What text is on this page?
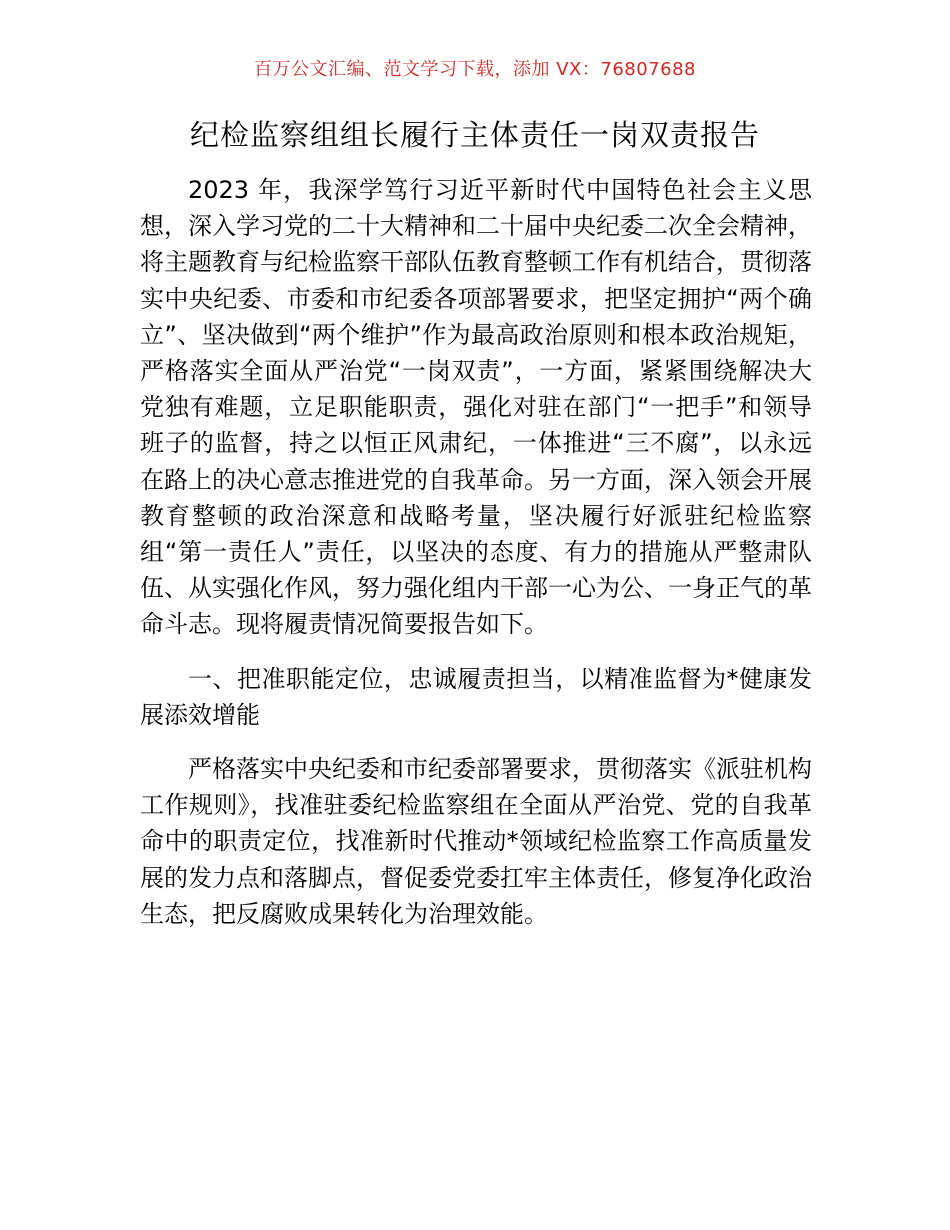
百万公文汇编、范文学习下载，添加 VX：76807688
纪检监察组组长履行主体责任一岗双责报告

2023 年，我深学笃行习近平新时代中国特色社会主义思想，深入学习党的二十大精神和二十届中央纪委二次全会精神，将主题教育与纪检监察干部队伍教育整顿工作有机结合，贯彻落实中央纪委、市委和市纪委各项部署要求，把坚定拥护“两个确立”、坚决做到“两个维护”作为最高政治原则和根本政治规矩，严格落实全面从严治党“一岗双责”，一方面，紧紧围绕解决大党独有难题，立足职能职责，强化对驻在部门“一把手”和领导班子的监督，持之以恒正风肃纪，一体推进“三不腐”，以永远在路上的决心意志推进党的自我革命。另一方面，深入领会开展教育整顿的政治深意和战略考量，坚决履行好派驻纪检监察组“第一责任人”责任，以坚决的态度、有力的措施从严整肃队伍、从实强化作风，努力强化组内干部一心为公、一身正气的革命斗志。现将履责情况简要报告如下。

一、把准职能定位，忠诚履责担当，以精准监督为*健康发展添效增能

严格落实中央纪委和市纪委部署要求，贯彻落实《派驻机构工作规则》，找准驻委纪检监察组在全面从严治党、党的自我革命中的职责定位，找准新时代推动*领域纪检监察工作高质量发展的发力点和落脚点，督促委党委扛牢主体责任，修复净化政治生态，把反腐败成果转化为治理效能。
